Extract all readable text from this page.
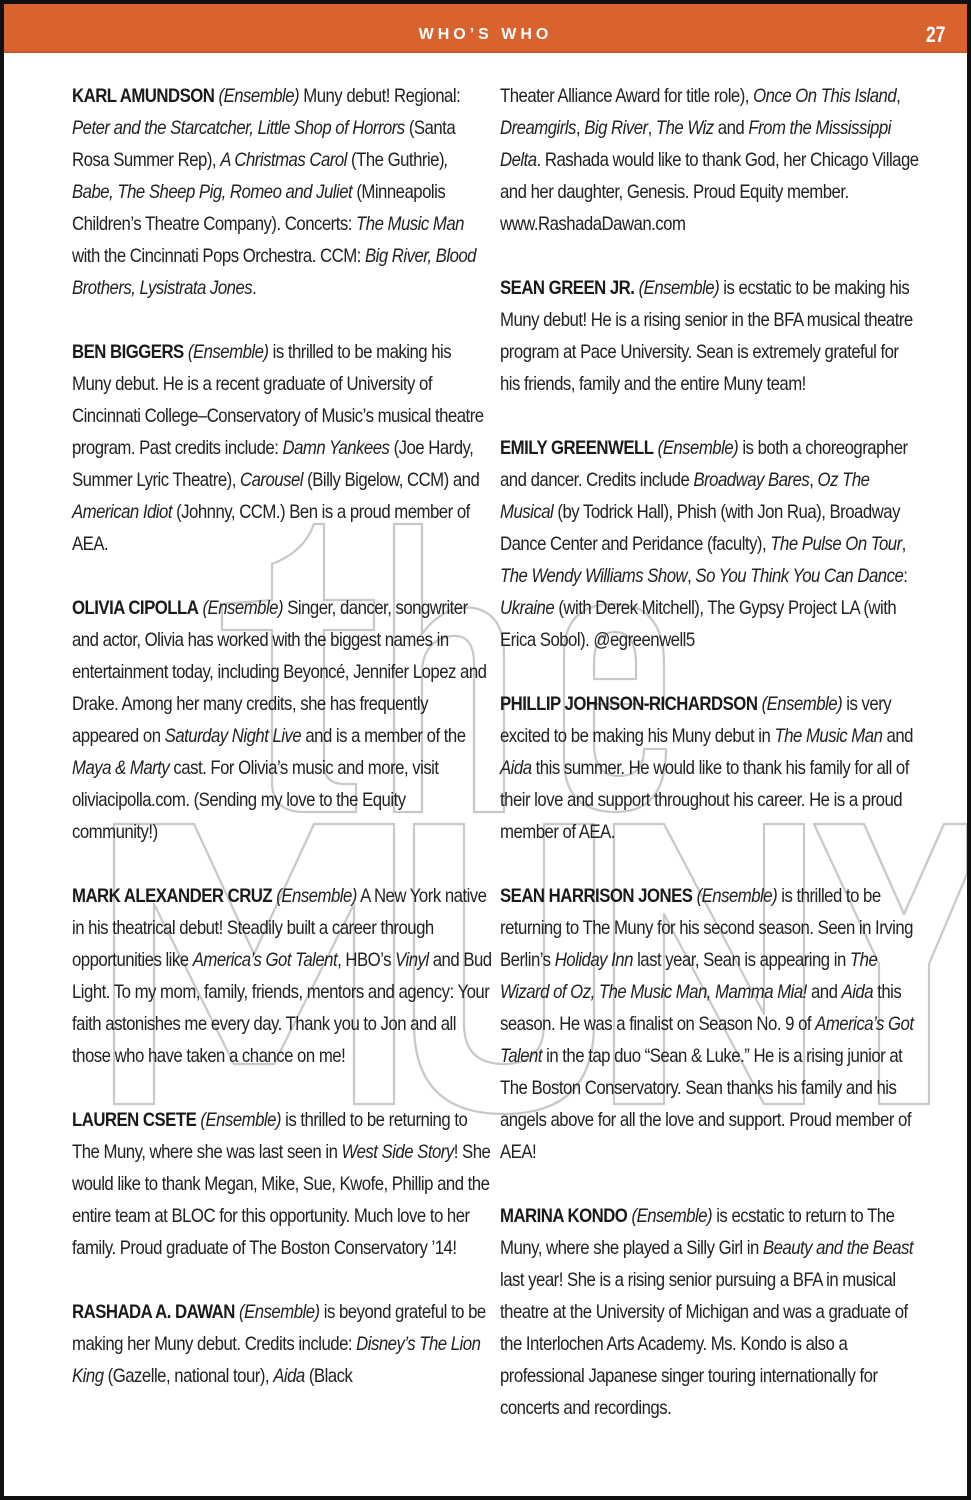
WHO’S WHO	27

KARL AMUNDSON (Ensemble) Muny debut! Regional: Peter and the Starcatcher, Little Shop of Horrors (Santa Rosa Summer Rep), A Christmas Carol (The Guthrie), Babe, The Sheep Pig, Romeo and Juliet (Minneapolis Children’s Theatre Company). Concerts: The Music Man with the Cincinnati Pops Orchestra. CCM: Big River, Blood Brothers, Lysistrata Jones.

BEN BIGGERS (Ensemble) is thrilled to be making his Muny debut. He is a recent graduate of University of Cincinnati College–Conservatory of Music’s musical theatre program. Past credits include: Damn Yankees (Joe Hardy, Summer Lyric Theatre), Carousel (Billy Bigelow, CCM) and American Idiot (Johnny, CCM.) Ben is a proud member of AEA.

OLIVIA CIPOLLA (Ensemble) Singer, dancer, songwriter and actor, Olivia has worked with the biggest names in entertainment today, including Beyoncé, Jennifer Lopez and Drake. Among her many credits, she has frequently appeared on Saturday Night Live and is a member of the Maya & Marty cast. For Olivia’s music and more, visit oliviacipolla.com. (Sending my love to the Equity community!)

MARK ALEXANDER CRUZ (Ensemble) A New York native in his theatrical debut! Steadily built a career through opportunities like America’s Got Talent, HBO’s Vinyl and Bud Light. To my mom, family, friends, mentors and agency: Your faith astonishes me every day. Thank you to Jon and all those who have taken a chance on me!

LAUREN CSETE (Ensemble) is thrilled to be returning to The Muny, where she was last seen in West Side Story! She would like to thank Megan, Mike, Sue, Kwofe, Phillip and the entire team at BLOC for this opportunity. Much love to her family. Proud graduate of The Boston Conservatory ’14!

RASHADA A. DAWAN (Ensemble) is beyond grateful to be making her Muny debut. Credits include: Disney’s The Lion King (Gazelle, national tour), Aida (Black

Theater Alliance Award for title role), Once On This Island, Dreamgirls, Big River, The Wiz and From the Mississippi Delta. Rashada would like to thank God, her Chicago Village and her daughter, Genesis. Proud Equity member. www.RashadaDawan.com

SEAN GREEN JR. (Ensemble) is ecstatic to be making his Muny debut! He is a rising senior in the BFA musical theatre program at Pace University. Sean is extremely grateful for his friends, family and the entire Muny team!

EMILY GREENWELL (Ensemble) is both a choreographer and dancer. Credits include Broadway Bares, Oz The Musical (by Todrick Hall), Phish (with Jon Rua), Broadway Dance Center and Peridance (faculty), The Pulse On Tour, The Wendy Williams Show, So You Think You Can Dance: Ukraine (with Derek Mitchell), The Gypsy Project LA (with Erica Sobol). @egreenwell5

PHILLIP JOHNSON-RICHARDSON (Ensemble) is very excited to be making his Muny debut in The Music Man and Aida this summer. He would like to thank his family for all of their love and support throughout his career. He is a proud member of AEA.

SEAN HARRISON JONES (Ensemble) is thrilled to be returning to The Muny for his second season. Seen in Irving Berlin’s Holiday Inn last year, Sean is appearing in The Wizard of Oz, The Music Man, Mamma Mia! and Aida this season. He was a finalist on Season No. 9 of America’s Got Talent in the tap duo “Sean & Luke.” He is a rising junior at The Boston Conservatory. Sean thanks his family and his angels above for all the love and support. Proud member of AEA!

MARINA KONDO (Ensemble) is ecstatic to return to The Muny, where she played a Silly Girl in Beauty and the Beast last year! She is a rising senior pursuing a BFA in musical theatre at the University of Michigan and was a graduate of the Interlochen Arts Academy. Ms. Kondo is also a professional Japanese singer touring internationally for concerts and recordings.
